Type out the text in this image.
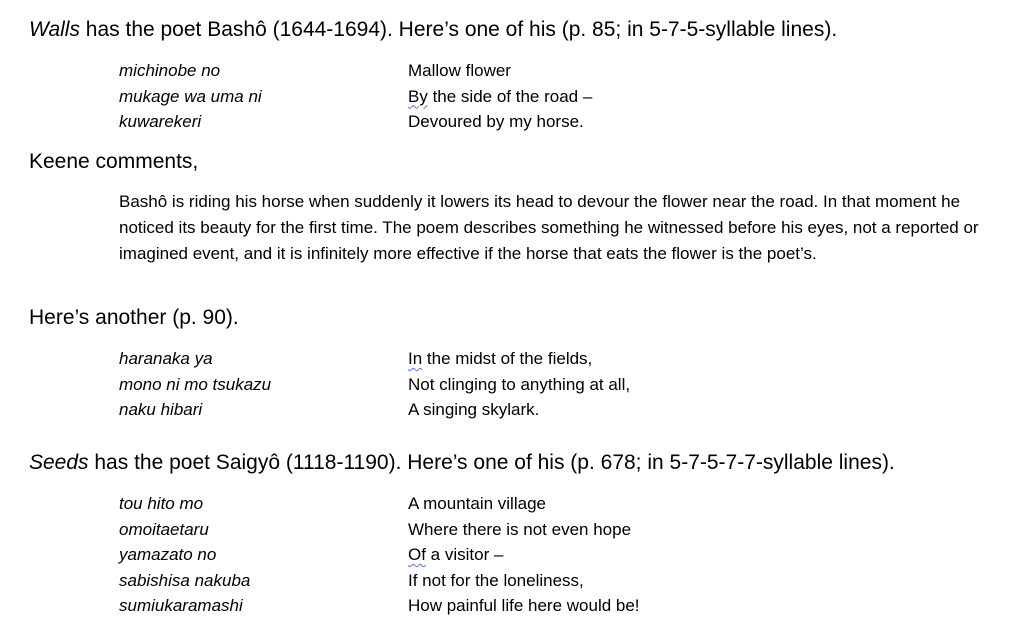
Walls has the poet Bashô (1644-1694). Here’s one of his (p. 85; in 5-7-5-syllable lines).
michinobe no	Mallow flower
mukage wa uma ni	By the side of the road –
kuwarekeri	Devoured by my horse.
Keene comments,

Bashô is riding his horse when suddenly it lowers its head to devour the flower near the road. In that moment he noticed its beauty for the first time. The poem describes something he witnessed before his eyes, not a reported or imagined event, and it is infinitely more effective if the horse that eats the flower is the poet’s.

Here’s another (p. 90).
haranaka ya	In the midst of the fields,
mono ni mo tsukazu	Not clinging to anything at all,
naku hibari	A singing skylark.
Seeds has the poet Saigyô (1118-1190). Here’s one of his (p. 678; in 5-7-5-7-7-syllable lines).
tou hito mo	A mountain village
omoitaetaru	Where there is not even hope
yamazato no	Of a visitor –
sabishisa nakuba	If not for the loneliness,
sumiukaramashi	How painful life here would be!
